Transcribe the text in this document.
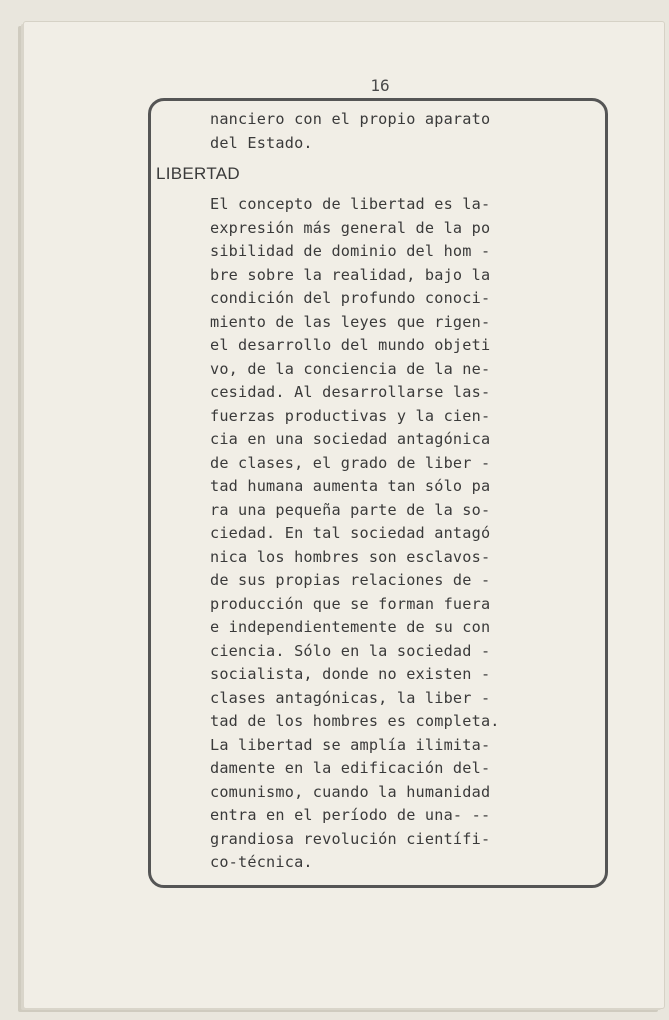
16
nanciero con el propio aparato
del Estado.
LIBERTAD
El concepto de libertad es la-
expresión más general de la po
sibilidad de dominio del hom -
bre sobre la realidad, bajo la
condición del profundo conoci-
miento de las leyes que rigen-
el desarrollo del mundo objeti
vo, de la conciencia de la ne-
cesidad. Al desarrollarse las-
fuerzas productivas y la cien-
cia en una sociedad antagónica
de clases, el grado de liber -
tad humana aumenta tan sólo pa
ra una pequeña parte de la so-
ciedad. En tal sociedad antagó
nica los hombres son esclavos-
de sus propias relaciones de -
producción que se forman fuera
e independientemente de su con
ciencia. Sólo en la sociedad -
socialista, donde no existen -
clases antagónicas, la liber -
tad de los hombres es completa.
La libertad se amplía ilimita-
damente en la edificación del-
comunismo, cuando la humanidad
entra en el período de una- --
grandiosa revolución científi-
co-técnica.
